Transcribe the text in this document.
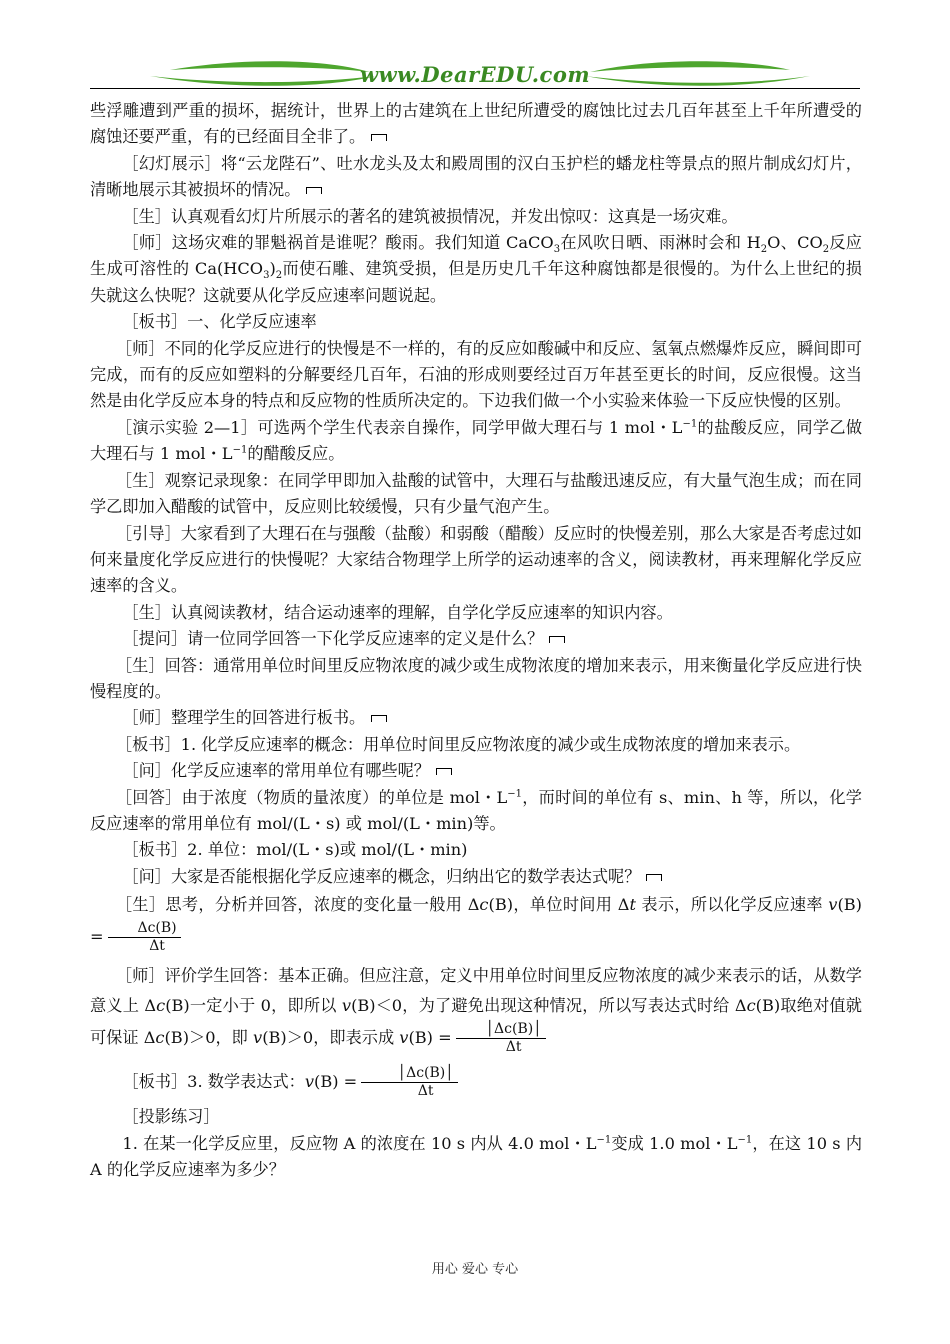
www.DearEDU.com

些浮雕遭到严重的损坏，据统计，世界上的古建筑在上世纪所遭受的腐蚀比过去几百年甚至上千年所遭受的腐蚀还要严重，有的已经面目全非了。

［幻灯展示］将“云龙陛石”、吐水龙头及太和殿周围的汉白玉护栏的蟠龙柱等景点的照片制成幻灯片，清晰地展示其被损坏的情况。

［生］认真观看幻灯片所展示的著名的建筑被损情况，并发出惊叹：这真是一场灾难。

［师］这场灾难的罪魁祸首是谁呢？酸雨。我们知道 CaCO$_3$在风吹日晒、雨淋时会和 $H_2O$、$CO_2$反应生成可溶性的 $Ca(HCO_3)_2$而使石雕、建筑受损，但是历史几千年这种腐蚀都是很慢的。为什么上世纪的损失就这么快呢？这就要从化学反应速率问题说起。

［板书］一、化学反应速率

［师］不同的化学反应进行的快慢是不一样的，有的反应如酸碱中和反应、氢氧点燃爆炸反应，瞬间即可完成，而有的反应如塑料的分解要经几百年，石油的形成则要经过百万年甚至更长的时间，反应很慢。这当然是由化学反应本身的特点和反应物的性质所决定的。下边我们做一个小实验来体验一下反应快慢的区别。

［演示实验 2—1］可选两个学生代表亲自操作，同学甲做大理石与 1 mol・$L^{-1}$的盐酸反应，同学乙做大理石与 1 mol・$L^{-1}$的醋酸反应。

［生］观察记录现象：在同学甲即加入盐酸的试管中，大理石与盐酸迅速反应，有大量气泡生成；而在同学乙即加入醋酸的试管中，反应则比较缓慢，只有少量气泡产生。

［引导］大家看到了大理石在与强酸（盐酸）和弱酸（醋酸）反应时的快慢差别，那么大家是否考虑过如何来量度化学反应进行的快慢呢？大家结合物理学上所学的运动速率的含义，阅读教材，再来理解化学反应速率的含义。

［生］认真阅读教材，结合运动速率的理解，自学化学反应速率的知识内容。

［提问］请一位同学回答一下化学反应速率的定义是什么？

［生］回答：通常用单位时间里反应物浓度的减少或生成物浓度的增加来表示，用来衡量化学反应进行快慢程度的。

［师］整理学生的回答进行板书。

［板书］1. 化学反应速率的概念：用单位时间里反应物浓度的减少或生成物浓度的增加来表示。

［问］化学反应速率的常用单位有哪些呢？

［回答］由于浓度（物质的量浓度）的单位是 mol・$L^{-1}$，而时间的单位有 s、min、h 等，所以，化学反应速率的常用单位有 mol/(L・s) 或 mol/(L・min)等。

［板书］2. 单位：mol/(L・s)或 mol/(L・min)

［问］大家是否能根据化学反应速率的概念，归纳出它的数学表达式呢？

［生］思考，分析并回答，浓度的变化量一般用 Δc(B)，单位时间用 Δt 表示，所以化学反应速率 $v(B) = \frac{\Delta c(B)}{\Delta t}$

［师］评价学生回答：基本正确。但应注意，定义中用单位时间里反应物浓度的减少来表示的话，从数学意义上 Δc(B)一定小于 0，即所以 v(B)＜0，为了避免出现这种情况，所以写表达式时给 Δc(B)取绝对值就可保证 Δc(B)＞0，即 v(B)＞0，即表示成 $v(B) = \frac{│\Delta c(B)│}{\Delta t}$

［板书］3. 数学表达式：$v(B) = \frac{│\Delta c(B)│}{\Delta t}$

［投影练习］

1. 在某一化学反应里，反应物 A 的浓度在 10 s 内从 4.0 mol・$L^{-1}$变成 1.0 mol・$L^{-1}$，在这 10 s 内 A 的化学反应速率为多少？

用心 爱心 专心
